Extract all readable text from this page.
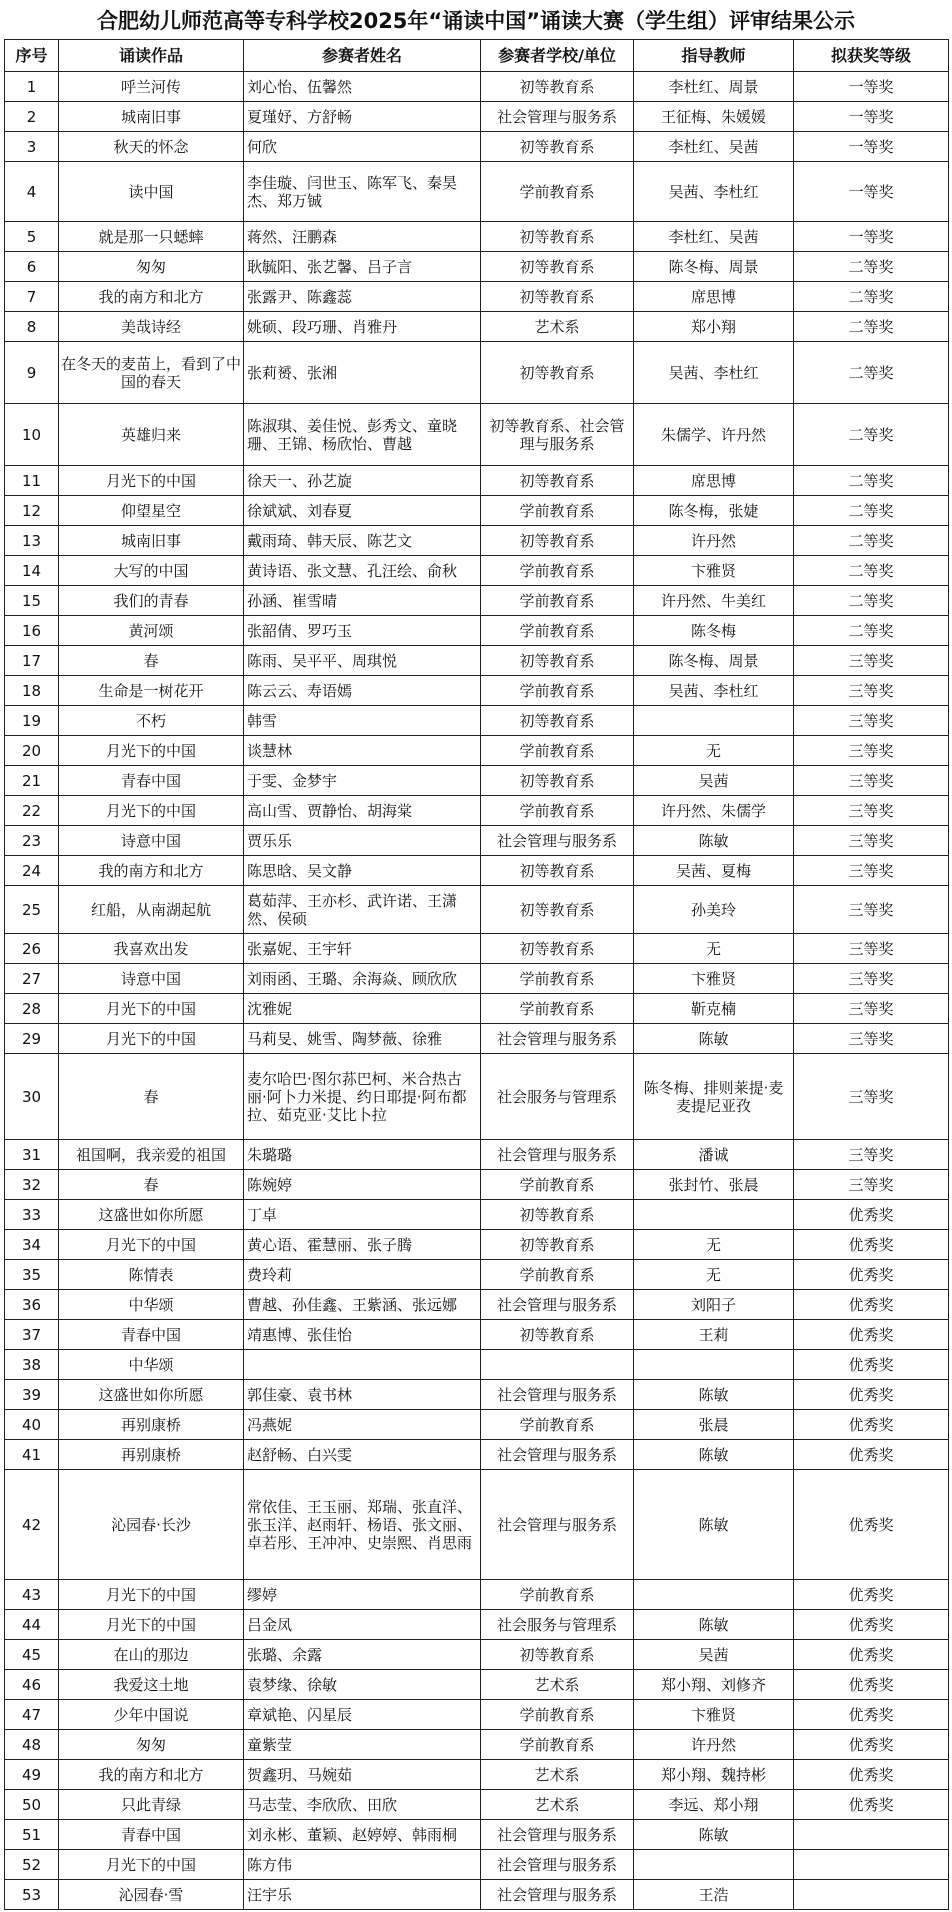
合肥幼儿师范高等专科学校2025年“诵读中国”诵读大赛（学生组）评审结果公示
序号	诵读作品	参赛者姓名	参赛者学校/单位	指导教师	拟获奖等级
1	呼兰河传	刘心怡、伍馨然	初等教育系	李杜红、周景	一等奖
2	城南旧事	夏瑾妤、方舒畅	社会管理与服务系	王征梅、朱媛媛	一等奖
3	秋天的怀念	何欣	初等教育系	李杜红、吴茜	一等奖
4	读中国	李佳璇、闫世玉、陈军飞、秦昊杰、郑万铖	学前教育系	吴茜、李杜红	一等奖
5	就是那一只蟋蟀	蒋然、汪鹏森	初等教育系	李杜红、吴茜	一等奖
6	匆匆	耿毓阳、张艺馨、吕子言	初等教育系	陈冬梅、周景	二等奖
7	我的南方和北方	张露尹、陈鑫蕊	初等教育系	席思博	二等奖
8	美哉诗经	姚硕、段巧珊、肖雅丹	艺术系	郑小翔	二等奖
9	在冬天的麦苗上，看到了中国的春天	张莉赟、张湘	初等教育系	吴茜、李杜红	二等奖
10	英雄归来	陈淑琪、姜佳悦、彭秀文、童晓珊、王锦、杨欣怡、曹越	初等教育系、社会管理与服务系	朱儒学、许丹然	二等奖
11	月光下的中国	徐天一、孙艺旋	初等教育系	席思博	二等奖
12	仰望星空	徐斌斌、刘春夏	学前教育系	陈冬梅，张婕	二等奖
13	城南旧事	戴雨琦、韩天辰、陈艺文	初等教育系	许丹然	二等奖
14	大写的中国	黄诗语、张文慧、孔汪绘、俞秋	学前教育系	卞雅贤	二等奖
15	我们的青春	孙涵、崔雪晴	学前教育系	许丹然、牛美红	二等奖
16	黄河颂	张韶倩、罗巧玉	学前教育系	陈冬梅	二等奖
17	春	陈雨、吴平平、周琪悦	初等教育系	陈冬梅、周景	三等奖
18	生命是一树花开	陈云云、寿语嫣	学前教育系	吴茜、李杜红	三等奖
19	不朽	韩雪	初等教育系		三等奖
20	月光下的中国	谈慧林	学前教育系	无	三等奖
21	青春中国	于雯、金梦宇	初等教育系	吴茜	三等奖
22	月光下的中国	高山雪、贾静怡、胡海棠	学前教育系	许丹然、朱儒学	三等奖
23	诗意中国	贾乐乐	社会管理与服务系	陈敏	三等奖
24	我的南方和北方	陈思晗、吴文静	初等教育系	吴茜、夏梅	三等奖
25	红船，从南湖起航	葛茹萍、王亦杉、武许诺、王潇然、侯硕	初等教育系	孙美玲	三等奖
26	我喜欢出发	张嘉妮、王宇轩	初等教育系	无	三等奖
27	诗意中国	刘雨函、王璐、余海焱、顾欣欣	学前教育系	卞雅贤	三等奖
28	月光下的中国	沈雅妮	学前教育系	靳克楠	三等奖
29	月光下的中国	马莉旻、姚雪、陶梦薇、徐雅	社会管理与服务系	陈敏	三等奖
30	春	麦尔哈巴·图尔荪巴柯、米合热古丽·阿卜力米提、约日耶提·阿布都拉、茹克亚·艾比卜拉	社会服务与管理系	陈冬梅、排则莱提·麦麦提尼亚孜	三等奖
31	祖国啊，我亲爱的祖国	朱璐璐	社会管理与服务系	潘诚	三等奖
32	春	陈婉婷	学前教育系	张封竹、张晨	三等奖
33	这盛世如你所愿	丁卓	初等教育系		优秀奖
34	月光下的中国	黄心语、霍慧丽、张子腾	初等教育系	无	优秀奖
35	陈情表	费玲莉	学前教育系	无	优秀奖
36	中华颂	曹越、孙佳鑫、王紫涵、张远娜	社会管理与服务系	刘阳子	优秀奖
37	青春中国	靖惠博、张佳怡	初等教育系	王莉	优秀奖
38	中华颂				优秀奖
39	这盛世如你所愿	郭佳豪、袁书林	社会管理与服务系	陈敏	优秀奖
40	再别康桥	冯燕妮	学前教育系	张晨	优秀奖
41	再别康桥	赵舒畅、白兴雯	社会管理与服务系	陈敏	优秀奖
42	沁园春·长沙	常依佳、王玉丽、郑瑞、张直洋、张玉洋、赵雨轩、杨语、张文丽、卓若彤、王冲冲、史崇熙、肖思雨	社会管理与服务系	陈敏	优秀奖
43	月光下的中国	缪婷	学前教育系		优秀奖
44	月光下的中国	吕金凤	社会服务与管理系	陈敏	优秀奖
45	在山的那边	张璐、余露	初等教育系	吴茜	优秀奖
46	我爱这土地	袁梦缘、徐敏	艺术系	郑小翔、刘修齐	优秀奖
47	少年中国说	章斌艳、闪星辰	学前教育系	卞雅贤	优秀奖
48	匆匆	童紫莹	学前教育系	许丹然	优秀奖
49	我的南方和北方	贺鑫玥、马婉茹	艺术系	郑小翔、魏持彬	优秀奖
50	只此青绿	马志莹、李欣欣、田欣	艺术系	李远、郑小翔	优秀奖
51	青春中国	刘永彬、董颖、赵婷婷、韩雨桐	社会管理与服务系	陈敏	
52	月光下的中国	陈方伟	社会管理与服务系		
53	沁园春·雪	汪宇乐	社会管理与服务系	王浩	
